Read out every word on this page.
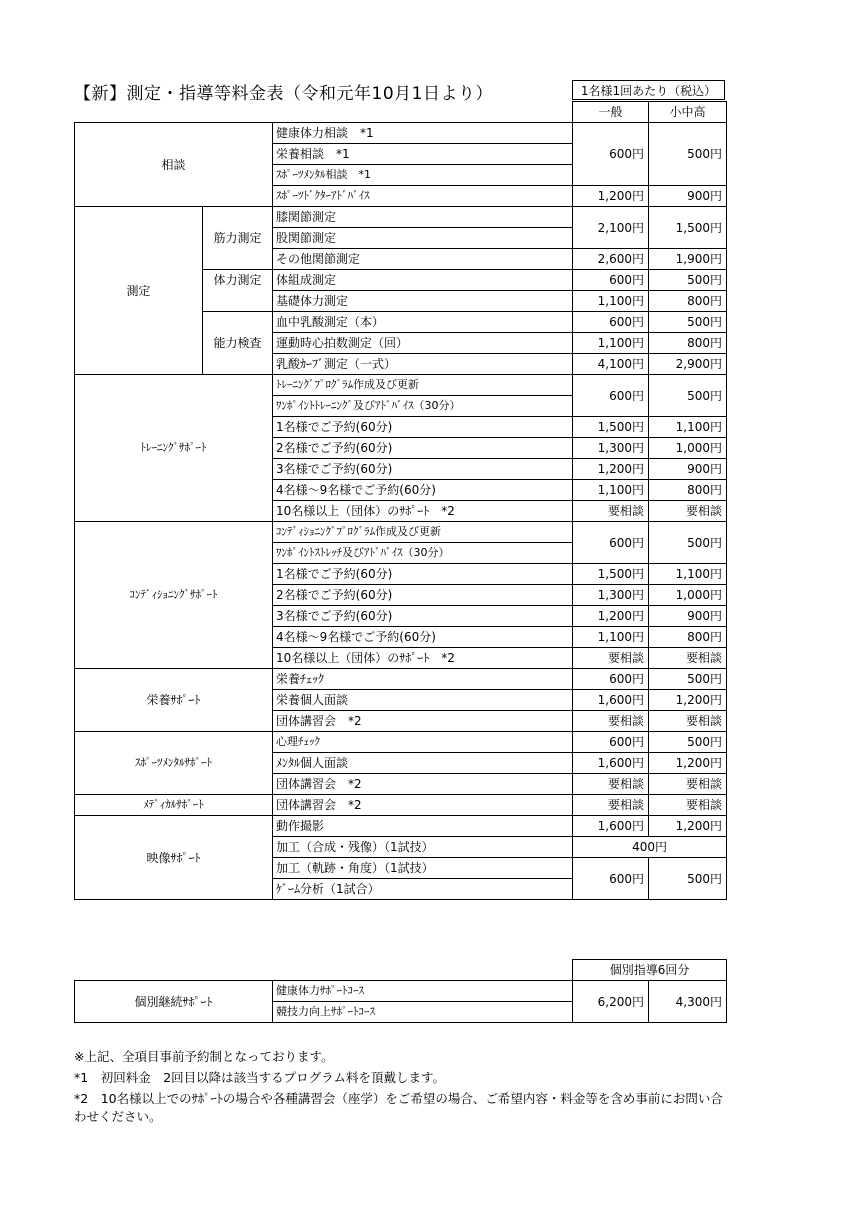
【新】測定・指導等料金表（令和元年10月1日より）	1名様1回あたり（税込）
			一般	小中高
相談		健康体力相談　*1	600円	500円
		栄養相談　*1		
		ｽﾎﾟｰﾂﾒﾝﾀﾙ相談　*1		
		ｽﾎﾟｰﾂﾄﾞｸﾀｰｱﾄﾞﾊﾞｲｽ	1,200円	900円
測定	筋力測定	膝関節測定	2,100円	1,500円
		股関節測定		
		その他関節測定	2,600円	1,900円
	体力測定	体組成測定	600円	500円
		基礎体力測定	1,100円	800円
	能力検査	血中乳酸測定（本）	600円	500円
		運動時心拍数測定（回）	1,100円	800円
		乳酸ｶｰﾌﾞ測定（一式）	4,100円	2,900円
ﾄﾚｰﾆﾝｸﾞｻﾎﾟｰﾄ		ﾄﾚｰﾆﾝｸﾞﾌﾟﾛｸﾞﾗﾑ作成及び更新	600円	500円
		ﾜﾝﾎﾟｲﾝﾄﾄﾚｰﾆﾝｸﾞ及びｱﾄﾞﾊﾞｲｽ（30分）		
		1名様でご予約(60分)	1,500円	1,100円
		2名様でご予約(60分)	1,300円	1,000円
		3名様でご予約(60分)	1,200円	900円
		4名様～9名様でご予約(60分)	1,100円	800円
		10名様以上（団体）のｻﾎﾟｰﾄ　*2	要相談	要相談
ｺﾝﾃﾞｨｼｮﾆﾝｸﾞｻﾎﾟｰﾄ		ｺﾝﾃﾞｨｼｮﾆﾝｸﾞﾌﾟﾛｸﾞﾗﾑ作成及び更新	600円	500円
		ﾜﾝﾎﾟｲﾝﾄｽﾄﾚｯﾁ及びｱﾄﾞﾊﾞｲｽ（30分）		
		1名様でご予約(60分)	1,500円	1,100円
		2名様でご予約(60分)	1,300円	1,000円
		3名様でご予約(60分)	1,200円	900円
		4名様～9名様でご予約(60分)	1,100円	800円
		10名様以上（団体）のｻﾎﾟｰﾄ　*2	要相談	要相談
栄養ｻﾎﾟｰﾄ		栄養ﾁｪｯｸ	600円	500円
		栄養個人面談	1,600円	1,200円
		団体講習会　*2	要相談	要相談
ｽﾎﾟｰﾂﾒﾝﾀﾙｻﾎﾟｰﾄ		心理ﾁｪｯｸ	600円	500円
		ﾒﾝﾀﾙ個人面談	1,600円	1,200円
		団体講習会　*2	要相談	要相談
ﾒﾃﾞｨｶﾙｻﾎﾟｰﾄ		団体講習会　*2	要相談	要相談
映像ｻﾎﾟｰﾄ		動作撮影	1,600円	1,200円
		加工（合成・残像）（1試技）	400円	
		加工（軌跡・角度）（1試技）	600円	500円
		ｹﾞｰﾑ分析（1試合）		
		個別指導6回分	
個別継続ｻﾎﾟｰﾄ	健康体力ｻﾎﾟｰﾄｺｰｽ	6,200円	4,300円
	競技力向上ｻﾎﾟｰﾄｺｰｽ		
※上記、全項目事前予約制となっております。
*1　初回料金　2回目以降は該当するプログラム料を頂戴します。
*2　10名様以上でのｻﾎﾟｰﾄの場合や各種講習会（座学）をご希望の場合、ご希望内容・料金等を含め事前にお問い合わせください。
